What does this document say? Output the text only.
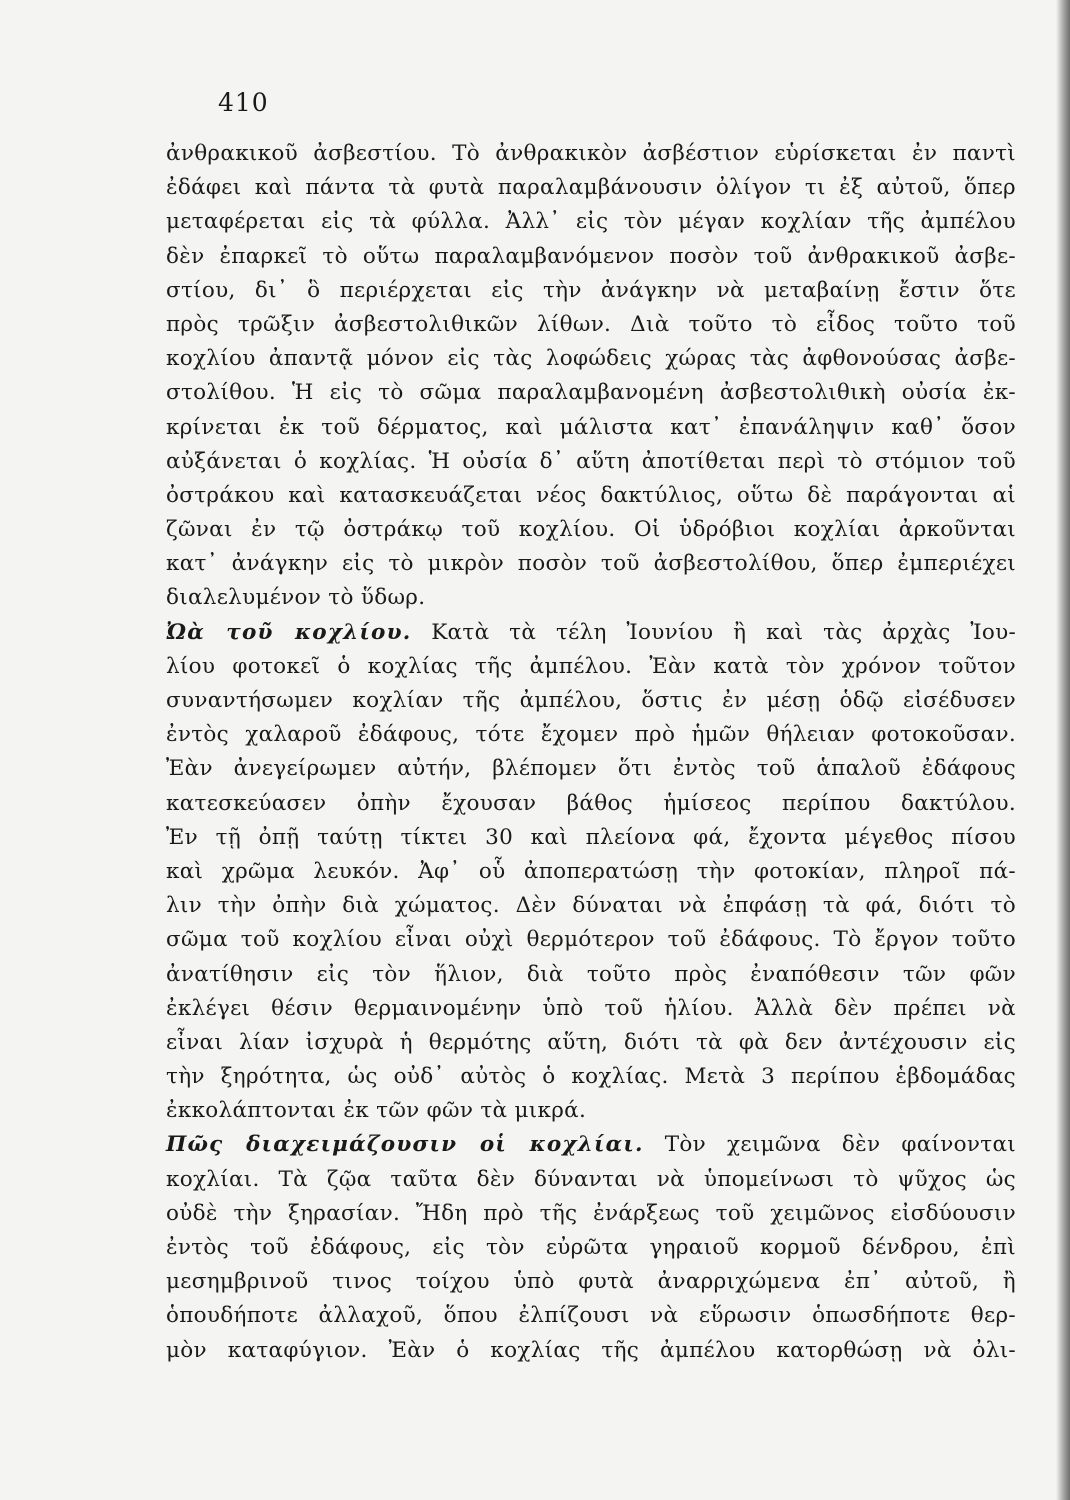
410
ἀνθρακικοῦ ἀσβεστίου. Τὸ ἀνθρακικὸν ἀσβέστιον εὑρίσκεται ἐν παντὶ
ἐδάφει καὶ πάντα τὰ φυτὰ παραλαμβάνουσιν ὀλίγον τι ἐξ αὐτοῦ, ὅπερ
μεταφέρεται εἰς τὰ φύλλα. Ἀλλ᾽ εἰς τὸν μέγαν κοχλίαν τῆς ἀμπέλου
δὲν ἐπαρκεῖ τὸ οὕτω παραλαμβανόμενον ποσὸν τοῦ ἀνθρακικοῦ ἀσβε-
στίου, δι᾽ ὃ περιέρχεται εἰς τὴν ἀνάγκην νὰ μεταβαίνῃ ἔστιν ὅτε
πρὸς τρῶξιν ἀσβεστολιθικῶν λίθων. Διὰ τοῦτο τὸ εἶδος τοῦτο τοῦ
κοχλίου ἀπαντᾷ μόνον εἰς τὰς λοφώδεις χώρας τὰς ἀφθονούσας ἀσβε-
στολίθου. Ἡ εἰς τὸ σῶμα παραλαμβανομένη ἀσβεστολιθικὴ οὐσία ἐκ-
κρίνεται ἐκ τοῦ δέρματος, καὶ μάλιστα κατ᾽ ἐπανάληψιν καθ᾽ ὅσον
αὐξάνεται ὁ κοχλίας. Ἡ οὐσία δ᾽ αὕτη ἀποτίθεται περὶ τὸ στόμιον τοῦ
ὀστράκου καὶ κατασκευάζεται νέος δακτύλιος, οὕτω δὲ παράγονται αἱ
ζῶναι ἐν τῷ ὀστράκῳ τοῦ κοχλίου. Οἱ ὑδρόβιοι κοχλίαι ἀρκοῦνται
κατ᾽ ἀνάγκην εἰς τὸ μικρὸν ποσὸν τοῦ ἀσβεστολίθου, ὅπερ ἐμπεριέχει
διαλελυμένον τὸ ὕδωρ.
Ὠὰ τοῦ κοχλίου. Κατὰ τὰ τέλη Ἰουνίου ἢ καὶ τὰς ἀρχὰς Ἰου-
λίου φοτοκεῖ ὁ κοχλίας τῆς ἀμπέλου. Ἐὰν κατὰ τὸν χρόνον τοῦτον
συναντήσωμεν κοχλίαν τῆς ἀμπέλου, ὅστις ἐν μέσῃ ὁδῷ εἰσέδυσεν
ἐντὸς χαλαροῦ ἐδάφους, τότε ἔχομεν πρὸ ἡμῶν θήλειαν φοτοκοῦσαν.
Ἐὰν ἀνεγείρωμεν αὐτήν, βλέπομεν ὅτι ἐντὸς τοῦ ἁπαλοῦ ἐδάφους
κατεσκεύασεν ὀπὴν ἔχουσαν βάθος ἡμίσεος περίπου δακτύλου.
Ἐν τῇ ὀπῇ ταύτῃ τίκτει 30 καὶ πλείονα φά, ἔχοντα μέγεθος πίσου
καὶ χρῶμα λευκόν. Ἀφ᾽ οὗ ἀποπερατώσῃ τὴν φοτοκίαν, πληροῖ πά-
λιν τὴν ὀπὴν διὰ χώματος. Δὲν δύναται νὰ ἐπφάσῃ τὰ φά, διότι τὸ
σῶμα τοῦ κοχλίου εἶναι οὐχὶ θερμότερον τοῦ ἐδάφους. Τὸ ἔργον τοῦτο
ἀνατίθησιν εἰς τὸν ἥλιον, διὰ τοῦτο πρὸς ἐναπόθεσιν τῶν φῶν
ἐκλέγει θέσιν θερμαινομένην ὑπὸ τοῦ ἡλίου. Ἀλλὰ δὲν πρέπει νὰ
εἶναι λίαν ἰσχυρὰ ἡ θερμότης αὕτη, διότι τὰ φὰ δεν ἀντέχουσιν εἰς
τὴν ξηρότητα, ὡς οὐδ᾽ αὐτὸς ὁ κοχλίας. Μετὰ 3 περίπου ἑβδομάδας
ἐκκολάπτονται ἐκ τῶν φῶν τὰ μικρά.
Πῶς διαχειμάζουσιν οἱ κοχλίαι. Τὸν χειμῶνα δὲν φαίνονται
κοχλίαι. Τὰ ζῷα ταῦτα δὲν δύνανται νὰ ὑπομείνωσι τὸ ψῦχος ὡς
οὐδὲ τὴν ξηρασίαν. Ἤδη πρὸ τῆς ἐνάρξεως τοῦ χειμῶνος εἰσδύουσιν
ἐντὸς τοῦ ἐδάφους, εἰς τὸν εὐρῶτα γηραιοῦ κορμοῦ δένδρου, ἐπὶ
μεσημβρινοῦ τινος τοίχου ὑπὸ φυτὰ ἀναρριχώμενα ἐπ᾽ αὐτοῦ, ἢ
ὁπουδήποτε ἀλλαχοῦ, ὅπου ἐλπίζουσι νὰ εὕρωσιν ὁπωσδήποτε θερ-
μὸν καταφύγιον. Ἐὰν ὁ κοχλίας τῆς ἀμπέλου κατορθώσῃ νὰ ὀλι-
